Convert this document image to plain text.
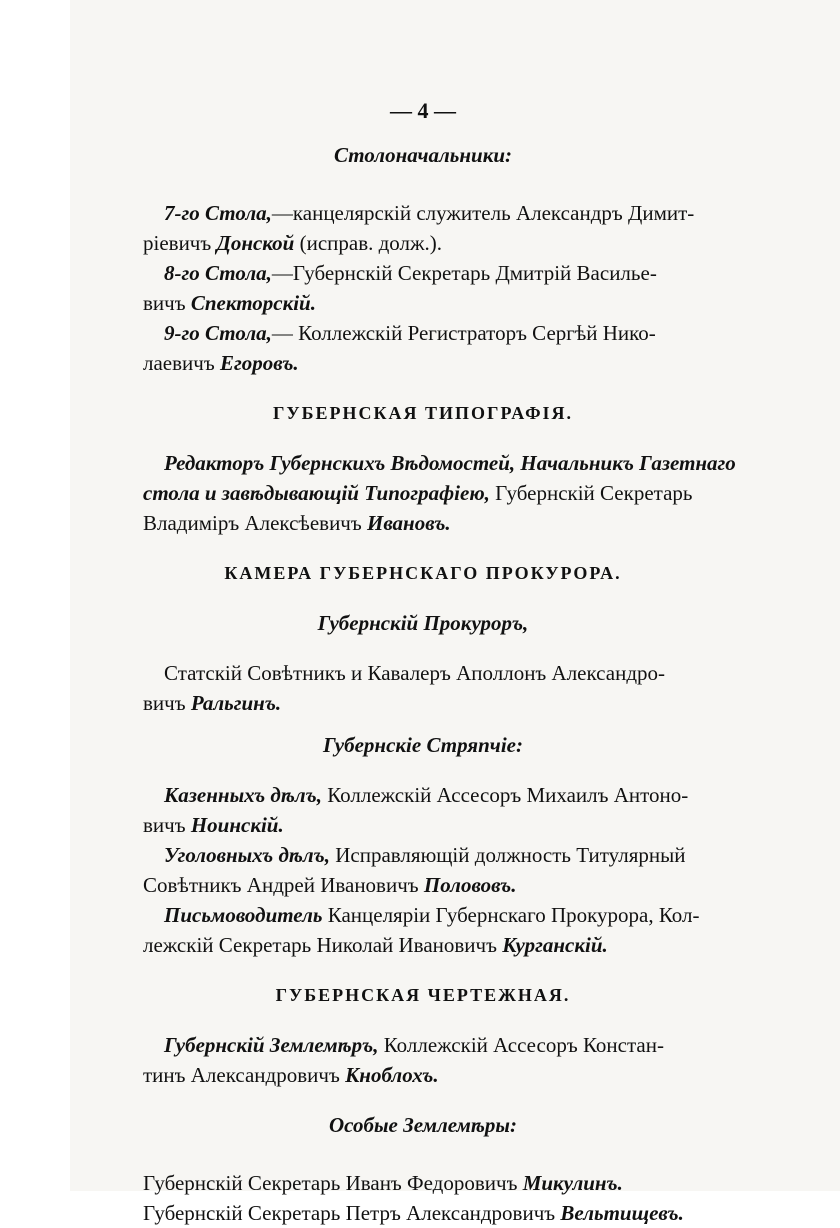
— 4 —
Столоначальники:
 7-го Стола,—канцелярскій служитель Александръ Димит-
ріевичъ Донской (исправ. долж.).
 8-го Стола,—Губернскій Секретарь Дмитрій Василье-
вичъ Спекторскій.
 9-го Стола,— Коллежскій Регистраторъ Сергѣй Нико-
лаевичъ Егоровъ.
ГУБЕРНСКАЯ ТИПОГРАФІЯ.
 Редакторъ Губернскихъ Вѣдомостей, Начальникъ Газетнаго
стола и завѣдывающій Типографіею, Губернскій Секретарь
Владиміръ Алексѣевичъ Ивановъ.
КАМЕРА ГУБЕРНСКАГО ПРОКУРОРА.
Губернскій Прокуроръ,
 Статскій Совѣтникъ и Кавалеръ Аполлонъ Александро-
вичъ Ральгинъ.
Губернскіе Стряпчіе:
 Казенныхъ дѣлъ, Коллежскій Ассесоръ Михаилъ Антоно-
вичъ Ноинскій.
 Уголовныхъ дѣлъ, Исправляющій должность Титулярный
Совѣтникъ Андрей Ивановичъ Полововъ.
 Письмоводитель Канцеляріи Губернскаго Прокурора, Кол-
лежскій Секретарь Николай Ивановичъ Курганскій.
ГУБЕРНСКАЯ ЧЕРТЕЖНАЯ.
 Губернскій Землемѣръ, Коллежскій Ассесоръ Констан-
тинъ Александровичъ Кноблохъ.
Особые Землемѣры:
Губернскій Секретарь Иванъ Федоровичъ Микулинъ.
Губернскій Секретарь Петръ Александровичъ Вельтищевъ.
